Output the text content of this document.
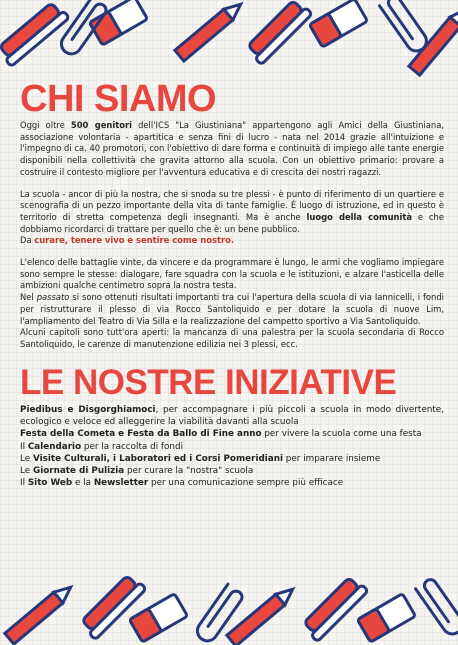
CHI SIAMO

Oggi oltre 500 genitori dell'ICS "La Giustiniana" appartengono agli Amici della Giustiniana, associazione volontaria - apartitica e senza fini di lucro - nata nel 2014 grazie all'intuizione e l'impegno di ca. 40 promotori, con l'obiettivo di dare forma e continuità di impiego alle tante energie disponibili nella collettività che gravita attorno alla scuola. Con un obiettivo primario: provare a costruire il contesto migliore per l'avventura educativa e di crescita dei nostri ragazzi.

La scuola - ancor di più la nostra, che si snoda su tre plessi - è punto di riferimento di un quartiere e scenografia di un pezzo importante della vita di tante famiglie. È luogo di istruzione, ed in questo è territorio di stretta competenza degli insegnanti. Ma è anche luogo della comunità e che dobbiamo ricordarci di trattare per quello che è: un bene pubblico.

Da curare, tenere vivo e sentire come nostro.

L'elenco delle battaglie vinte, da vincere e da programmare è lungo, le armi che vogliamo impiegare sono sempre le stesse: dialogare, fare squadra con la scuola e le istituzioni, e alzare l'asticella delle ambizioni qualche centimetro sopra la nostra testa.

Nel passato si sono ottenuti risultati importanti tra cui l'apertura della scuola di via Iannicelli, i fondi per ristrutturare il plesso di via Rocco Santoliquido e per dotare la scuola di nuove Lim, l'ampliamento del Teatro di Via Silla e la realizzazione del campetto sportivo a Via Santoliquido.

Alcuni capitoli sono tutt'ora aperti: la mancanza di una palestra per la scuola secondaria di Rocco Santoliquido, le carenze di manutenzione edilizia nei 3 plessi, ecc.

LE NOSTRE INIZIATIVE

Piedibus e Disgorghiamoci, per accompagnare i più piccoli a scuola in modo divertente, ecologico e veloce ed alleggerire la viabilità davanti alla scuola

Festa della Cometa e Festa da Ballo di Fine anno per vivere la scuola come una festa

Il Calendario per la raccolta di fondi

Le Visite Culturali, i Laboratori ed i Corsi Pomeridiani per imparare insieme

Le Giornate di Pulizia per curare la "nostra" scuola

Il Sito Web e la Newsletter per una comunicazione sempre più efficace
